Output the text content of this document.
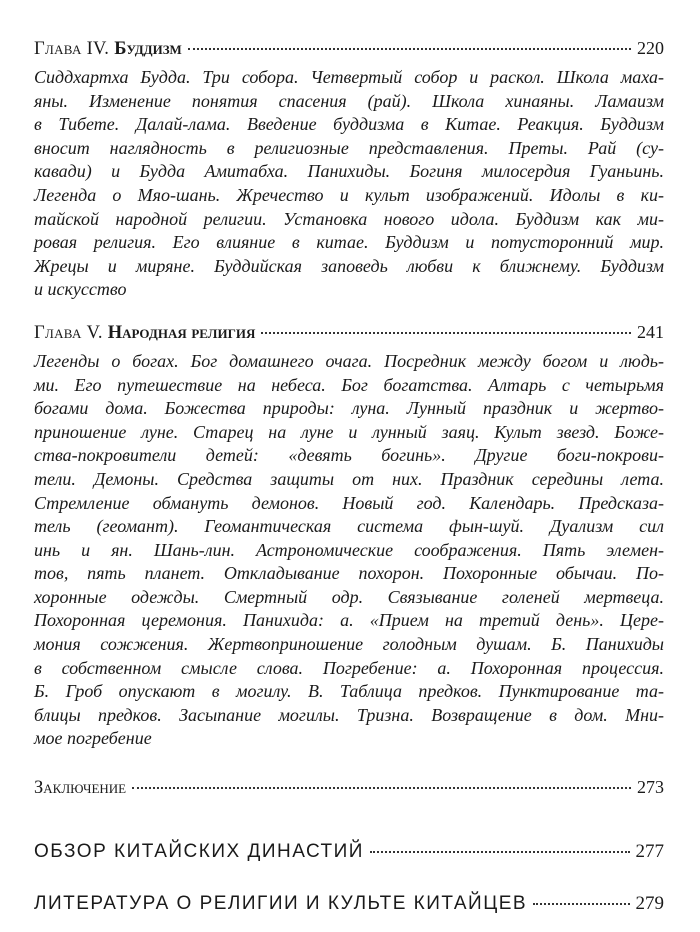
Глава IV. Буддизм	220
Сиддхартха Будда. Три собора. Четвертый собор и раскол. Школа маха-
яны. Изменение понятия спасения (рай). Школа хинаяны. Ламаизм
в Тибете. Далай-лама. Введение буддизма в Китае. Реакция. Буддизм
вносит наглядность в религиозные представления. Преты. Рай (су-
кавади) и Будда Амитабха. Панихиды. Богиня милосердия Гуаньинь.
Легенда о Мяо-шань. Жречество и культ изображений. Идолы в ки-
тайской народной религии. Установка нового идола. Буддизм как ми-
ровая религия. Его влияние в китае. Буддизм и потусторонний мир.
Жрецы и миряне. Буддийская заповедь любви к ближнему. Буддизм
и искусство
Глава V. Народная религия	241
Легенды о богах. Бог домашнего очага. Посредник между богом и людь-
ми. Его путешествие на небеса. Бог богатства. Алтарь с четырьмя
богами дома. Божества природы: луна. Лунный праздник и жертво-
приношение луне. Старец на луне и лунный заяц. Культ звезд. Боже-
ства-покровители детей: «девять богинь». Другие боги-покрови-
тели. Демоны. Средства защиты от них. Праздник середины лета.
Стремление обмануть демонов. Новый год. Календарь. Предсказа-
тель (геомант). Геомантическая система фын-шуй. Дуализм сил
инь и ян. Шань-лин. Астрономические соображения. Пять элемен-
тов, пять планет. Откладывание похорон. Похоронные обычаи. По-
хоронные одежды. Смертный одр. Связывание голеней мертвеца.
Похоронная церемония. Панихида: а. «Прием на третий день». Цере-
мония сожжения. Жертвоприношение голодным душам. Б. Панихиды
в собственном смысле слова. Погребение: а. Похоронная процессия.
Б. Гроб опускают в могилу. В. Таблица предков. Пунктирование та-
блицы предков. Засыпание могилы. Тризна. Возвращение в дом. Мни-
мое погребение
Заключение	273
ОБЗОР КИТАЙСКИХ ДИНАСТИЙ	277
ЛИТЕРАТУРА О РЕЛИГИИ И КУЛЬТЕ КИТАЙЦЕВ	279
